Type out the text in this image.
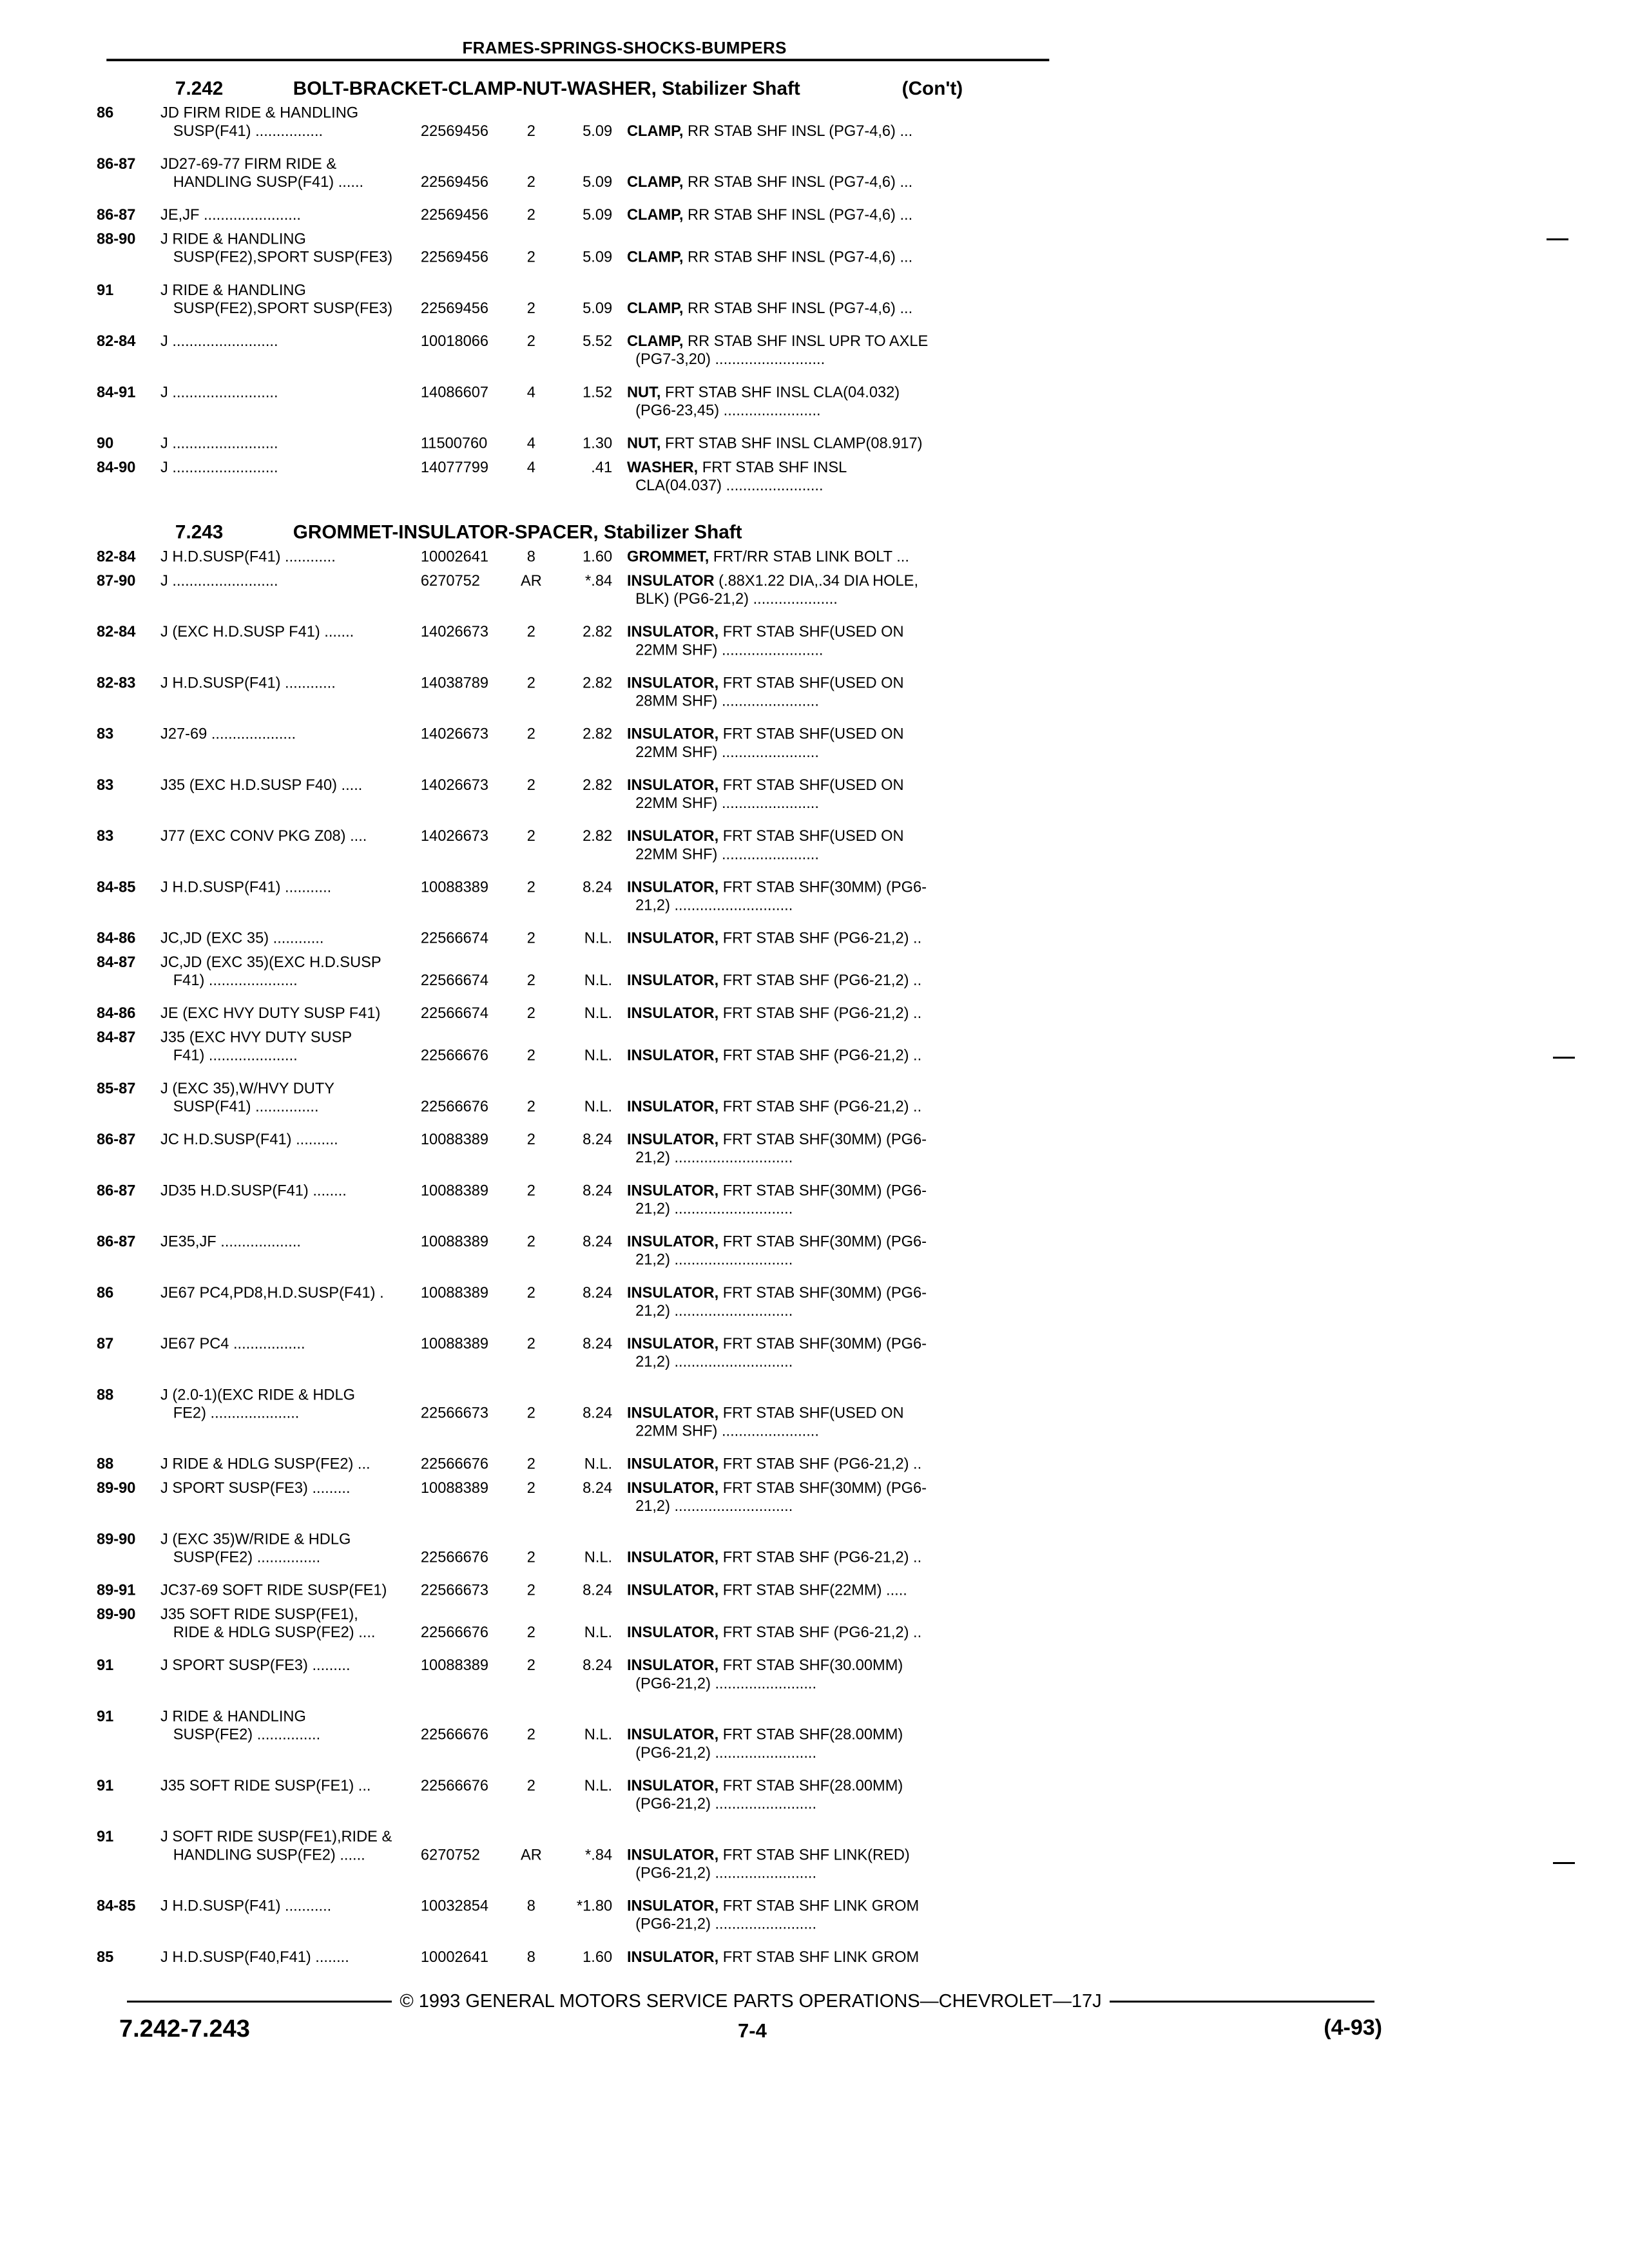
FRAMES-SPRINGS-SHOCKS-BUMPERS
7.242	BOLT-BRACKET-CLAMP-NUT-WASHER, Stabilizer Shaft	(Con't)
86	JD FIRM RIDE & HANDLING
SUSP(F41) ................	22569456	2	5.09 CLAMP, RR STAB SHF INSL (PG7-4,6) ...
86-87	JD27-69-77 FIRM RIDE &
HANDLING SUSP(F41) ......	22569456	2	5.09 CLAMP, RR STAB SHF INSL (PG7-4,6) ...
86-87	JE,JF .......................	22569456	2	5.09 CLAMP, RR STAB SHF INSL (PG7-4,6) ...
88-90	J RIDE & HANDLING
SUSP(FE2),SPORT SUSP(FE3)	22569456	2	5.09 CLAMP, RR STAB SHF INSL (PG7-4,6) ...
91	J RIDE & HANDLING
SUSP(FE2),SPORT SUSP(FE3)	22569456	2	5.09 CLAMP, RR STAB SHF INSL (PG7-4,6) ...
82-84	J .........................	10018066	2	5.52 CLAMP, RR STAB SHF INSL UPR TO AXLE
(PG7-3,20) ..........................
84-91	J .........................	14086607	4	1.52 NUT, FRT STAB SHF INSL CLA(04.032)
(PG6-23,45) .......................
90	J .........................	11500760	4	1.30 NUT, FRT STAB SHF INSL CLAMP(08.917)
84-90	J .........................	14077799	4	.41 WASHER, FRT STAB SHF INSL
CLA(04.037) .......................
7.243	GROMMET-INSULATOR-SPACER, Stabilizer Shaft
82-84	J H.D.SUSP(F41) ............	10002641	8	1.60 GROMMET, FRT/RR STAB LINK BOLT ...
87-90	J .........................	6270752	AR	*.84 INSULATOR (.88X1.22 DIA,.34 DIA HOLE,
BLK) (PG6-21,2) ....................
82-84	J (EXC H.D.SUSP F41) .......	14026673	2	2.82 INSULATOR, FRT STAB SHF(USED ON
22MM SHF) ........................
82-83	J H.D.SUSP(F41) ............	14038789	2	2.82 INSULATOR, FRT STAB SHF(USED ON
28MM SHF) .......................
83	J27-69 ....................	14026673	2	2.82 INSULATOR, FRT STAB SHF(USED ON
22MM SHF) .......................
83	J35 (EXC H.D.SUSP F40) .....	14026673	2	2.82 INSULATOR, FRT STAB SHF(USED ON
22MM SHF) .......................
83	J77 (EXC CONV PKG Z08) ....	14026673	2	2.82 INSULATOR, FRT STAB SHF(USED ON
22MM SHF) .......................
84-85	J H.D.SUSP(F41) ...........	10088389	2	8.24 INSULATOR, FRT STAB SHF(30MM) (PG6-
21,2) ............................
84-86	JC,JD (EXC 35) ............	22566674	2	N.L. INSULATOR, FRT STAB SHF (PG6-21,2) ..
84-87	JC,JD (EXC 35)(EXC H.D.SUSP
F41) .....................	22566674	2	N.L. INSULATOR, FRT STAB SHF (PG6-21,2) ..
84-86	JE (EXC HVY DUTY SUSP F41)	22566674	2	N.L. INSULATOR, FRT STAB SHF (PG6-21,2) ..
84-87	J35 (EXC HVY DUTY SUSP
F41) .....................	22566676	2	N.L. INSULATOR, FRT STAB SHF (PG6-21,2) ..
85-87	J (EXC 35),W/HVY DUTY
SUSP(F41) ...............	22566676	2	N.L. INSULATOR, FRT STAB SHF (PG6-21,2) ..
86-87	JC H.D.SUSP(F41) ..........	10088389	2	8.24 INSULATOR, FRT STAB SHF(30MM) (PG6-
21,2) ............................
86-87	JD35 H.D.SUSP(F41) ........	10088389	2	8.24 INSULATOR, FRT STAB SHF(30MM) (PG6-
21,2) ............................
86-87	JE35,JF ...................	10088389	2	8.24 INSULATOR, FRT STAB SHF(30MM) (PG6-
21,2) ............................
86	JE67 PC4,PD8,H.D.SUSP(F41) .	10088389	2	8.24 INSULATOR, FRT STAB SHF(30MM) (PG6-
21,2) ............................
87	JE67 PC4 .................	10088389	2	8.24 INSULATOR, FRT STAB SHF(30MM) (PG6-
21,2) ............................
88	J (2.0-1)(EXC RIDE & HDLG
FE2) .....................	22566673	2	8.24 INSULATOR, FRT STAB SHF(USED ON
22MM SHF) .......................
88	J RIDE & HDLG SUSP(FE2) ...	22566676	2	N.L. INSULATOR, FRT STAB SHF (PG6-21,2) ..
89-90	J SPORT SUSP(FE3) .........	10088389	2	8.24 INSULATOR, FRT STAB SHF(30MM) (PG6-
21,2) ............................
89-90	J (EXC 35)W/RIDE & HDLG
SUSP(FE2) ...............	22566676	2	N.L. INSULATOR, FRT STAB SHF (PG6-21,2) ..
89-91	JC37-69 SOFT RIDE SUSP(FE1)	22566673	2	8.24 INSULATOR, FRT STAB SHF(22MM) .....
89-90	J35 SOFT RIDE SUSP(FE1),
RIDE & HDLG SUSP(FE2) ....	22566676	2	N.L. INSULATOR, FRT STAB SHF (PG6-21,2) ..
91	J SPORT SUSP(FE3) .........	10088389	2	8.24 INSULATOR, FRT STAB SHF(30.00MM)
(PG6-21,2) ........................
91	J RIDE & HANDLING
SUSP(FE2) ...............	22566676	2	N.L. INSULATOR, FRT STAB SHF(28.00MM)
(PG6-21,2) ........................
91	J35 SOFT RIDE SUSP(FE1) ...	22566676	2	N.L. INSULATOR, FRT STAB SHF(28.00MM)
(PG6-21,2) ........................
91	J SOFT RIDE SUSP(FE1),RIDE &
HANDLING SUSP(FE2) ......	6270752	AR	*.84 INSULATOR, FRT STAB SHF LINK(RED)
(PG6-21,2) ........................
84-85	J H.D.SUSP(F41) ...........	10032854	8	*1.80 INSULATOR, FRT STAB SHF LINK GROM
(PG6-21,2) ........................
85	J H.D.SUSP(F40,F41) ........	10002641	8	1.60 INSULATOR, FRT STAB SHF LINK GROM
© 1993 GENERAL MOTORS SERVICE PARTS OPERATIONS—CHEVROLET—17J
7.242-7.243	7-4	(4-93)
